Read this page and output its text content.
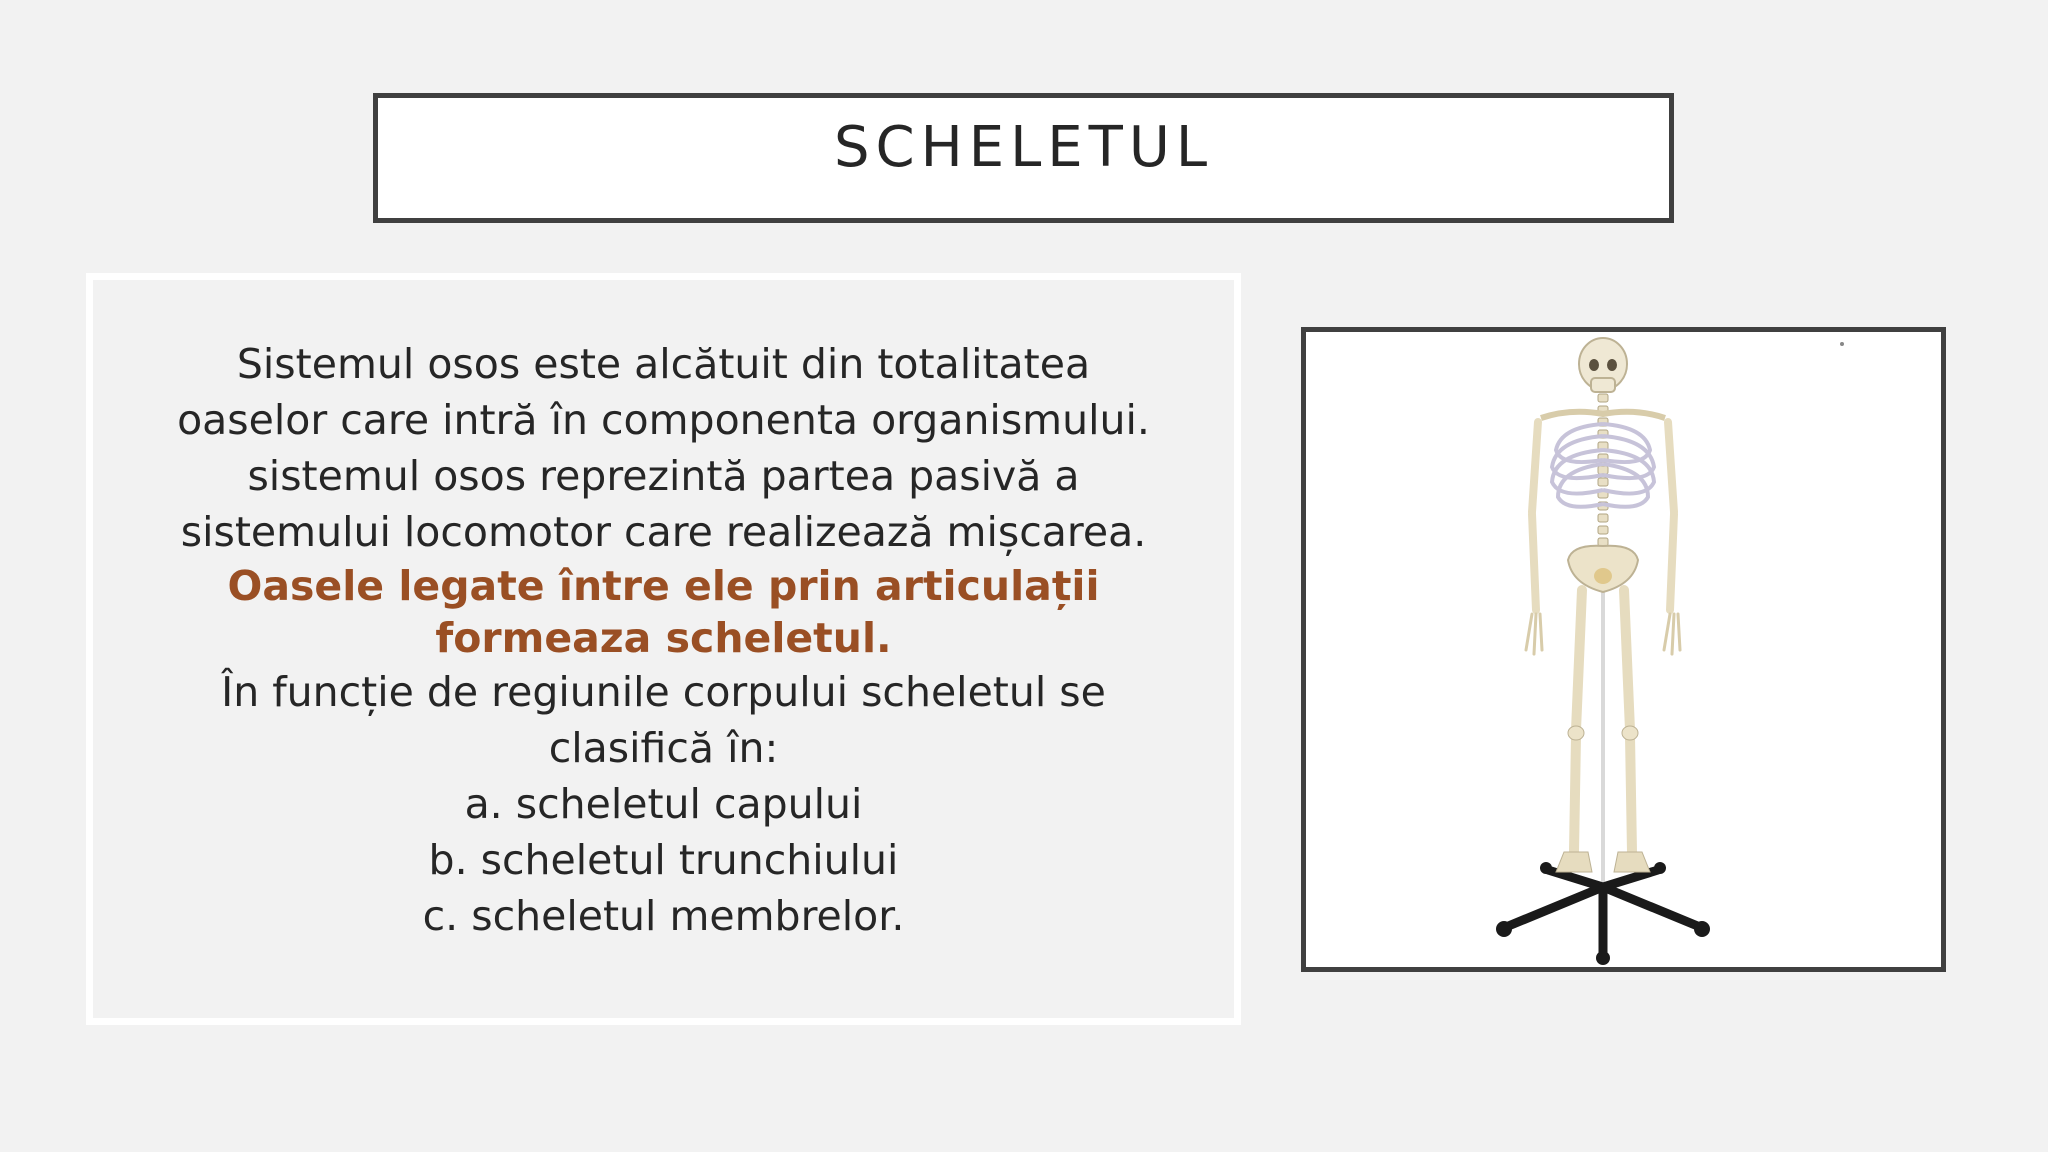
SCHELETUL

Sistemul osos este alcătuit din totalitatea

oaselor care intră în componenta organismului.

sistemul osos reprezintă partea pasivă a

sistemului locomotor care realizează mișcarea.

Oasele legate între ele prin articulații

formeaza scheletul.

În funcție de regiunile corpului scheletul se

clasifică în:

a. scheletul capului

b. scheletul trunchiului

c. scheletul membrelor.
